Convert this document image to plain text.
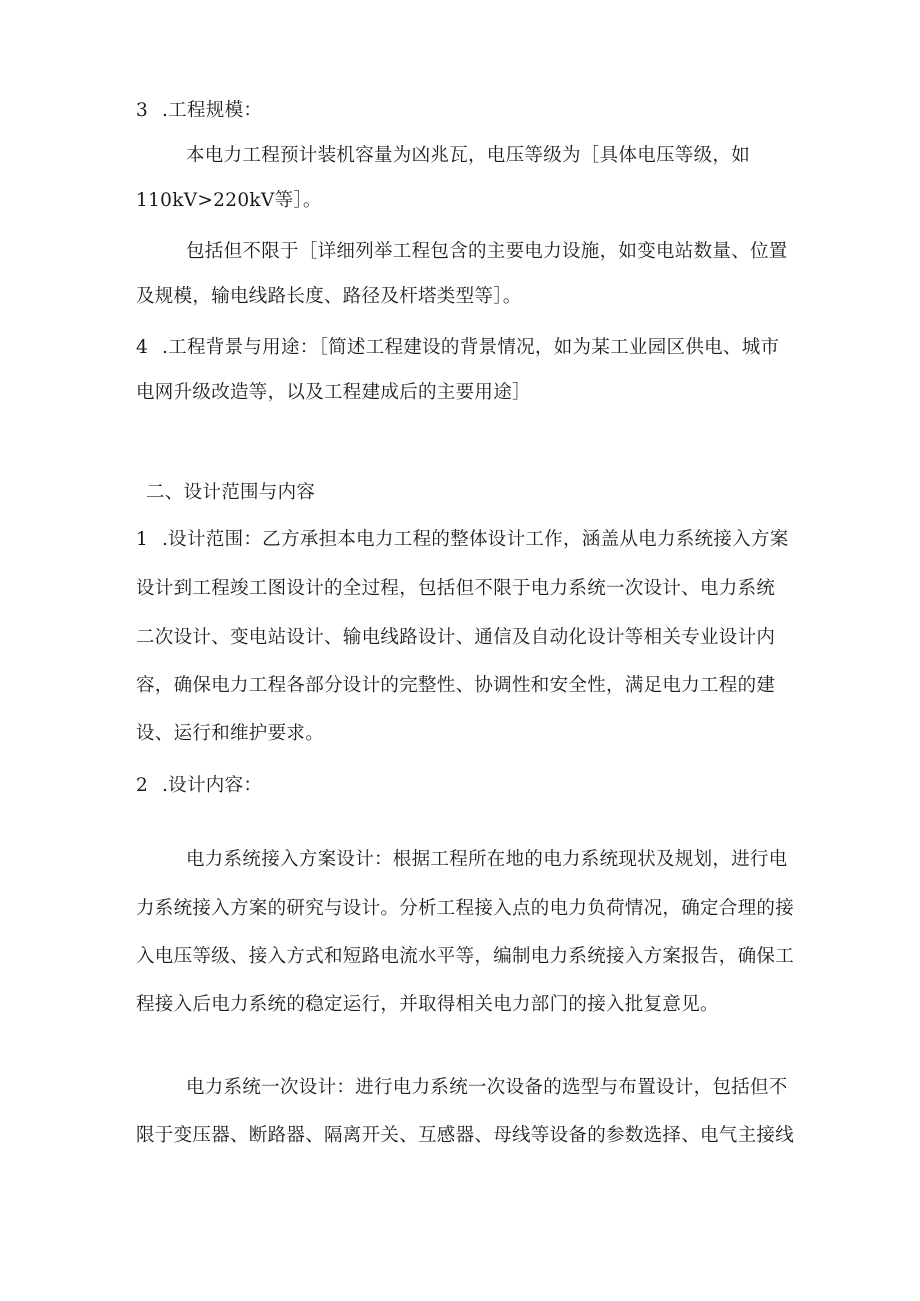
3 .工程规模：
本电力工程预计装机容量为凶兆瓦，电压等级为［具体电压等级，如
110kV>220kV等］。
包括但不限于［详细列举工程包含的主要电力设施，如变电站数量、位置
及规模，输电线路长度、路径及杆塔类型等］。
4 .工程背景与用途：［简述工程建设的背景情况，如为某工业园区供电、城市
电网升级改造等，以及工程建成后的主要用途］
二、设计范围与内容
1 .设计范围：乙方承担本电力工程的整体设计工作，涵盖从电力系统接入方案
设计到工程竣工图设计的全过程，包括但不限于电力系统一次设计、电力系统
二次设计、变电站设计、输电线路设计、通信及自动化设计等相关专业设计内
容，确保电力工程各部分设计的完整性、协调性和安全性，满足电力工程的建
设、运行和维护要求。
2 .设计内容：
电力系统接入方案设计：根据工程所在地的电力系统现状及规划，进行电
力系统接入方案的研究与设计。分析工程接入点的电力负荷情况，确定合理的接
入电压等级、接入方式和短路电流水平等，编制电力系统接入方案报告，确保工
程接入后电力系统的稳定运行，并取得相关电力部门的接入批复意见。
电力系统一次设计：进行电力系统一次设备的选型与布置设计，包括但不
限于变压器、断路器、隔离开关、互感器、母线等设备的参数选择、电气主接线
